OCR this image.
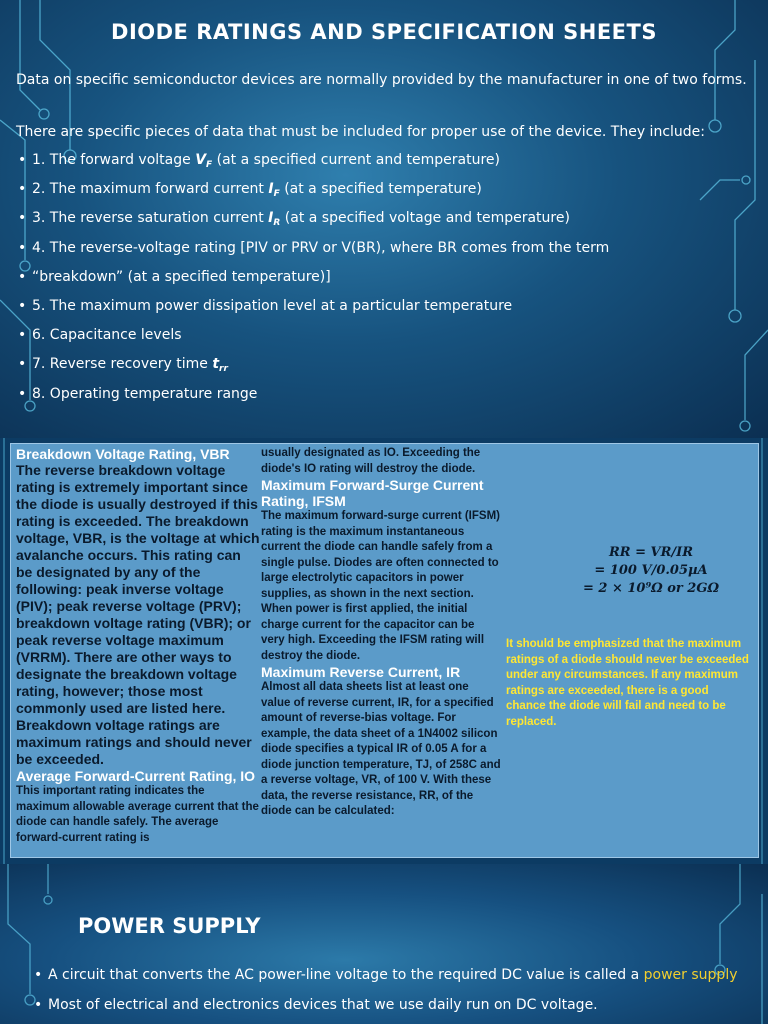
DIODE RATINGS AND SPECIFICATION SHEETS
Data on specific semiconductor devices are normally provided by the manufacturer in one of two forms.
There are specific pieces of data that must be included for proper use of the device. They include:
• 1. The forward voltage $V_F$ (at a specified current and temperature)
• 2. The maximum forward current $I_F$ (at a specified temperature)
• 3. The reverse saturation current $I_R$ (at a specified voltage and temperature)
• 4. The reverse-voltage rating [PIV or PRV or V(BR), where BR comes from the term
• “breakdown” (at a specified temperature)]
• 5. The maximum power dissipation level at a particular temperature
• 6. Capacitance levels
• 7. Reverse recovery time $t_{rr}$
• 8. Operating temperature range

Breakdown Voltage Rating, VBR

The reverse breakdown voltage rating is extremely important since the diode is usually destroyed if this rating is exceeded. The breakdown voltage, VBR, is the voltage at which avalanche occurs. This rating can be designated by any of the following: peak inverse voltage (PIV); peak reverse voltage (PRV); breakdown voltage rating (VBR); or peak reverse voltage maximum (VRRM). There are other ways to designate the breakdown voltage rating, however; those most commonly used are listed here. Breakdown voltage ratings are maximum ratings and should never be exceeded.

Average Forward-Current Rating, IO

This important rating indicates the maximum allowable average current that the diode can handle safely. The average forward-current rating is

usually designated as IO. Exceeding the diode's IO rating will destroy the diode.

Maximum Forward-Surge Current Rating, IFSM

The maximum forward-surge current (IFSM) rating is the maximum instantaneous current the diode can handle safely from a single pulse. Diodes are often connected to large electrolytic capacitors in power supplies, as shown in the next section. When power is first applied, the initial charge current for the capacitor can be very high. Exceeding the IFSM rating will destroy the diode.

Maximum Reverse Current, IR

Almost all data sheets list at least one value of reverse current, IR, for a specified amount of reverse-bias voltage. For example, the data sheet of a 1N4002 silicon diode specifies a typical IR of 0.05 A for a diode junction temperature, TJ, of 258C and a reverse voltage, VR, of 100 V. With these data, the reverse resistance, RR, of the diode can be calculated:

RR = VR/IR
= 100 V/0.05µA
= 2 × 10⁹Ω or 2GΩ
It should be emphasized that the maximum ratings of a diode should never be exceeded under any circumstances. If any maximum ratings are exceeded, there is a good chance the diode will fail and need to be replaced.
POWER SUPPLY
• A circuit that converts the AC power-line voltage to the required DC value is called a power supply
• Most of electrical and electronics devices that we use daily run on DC voltage.
